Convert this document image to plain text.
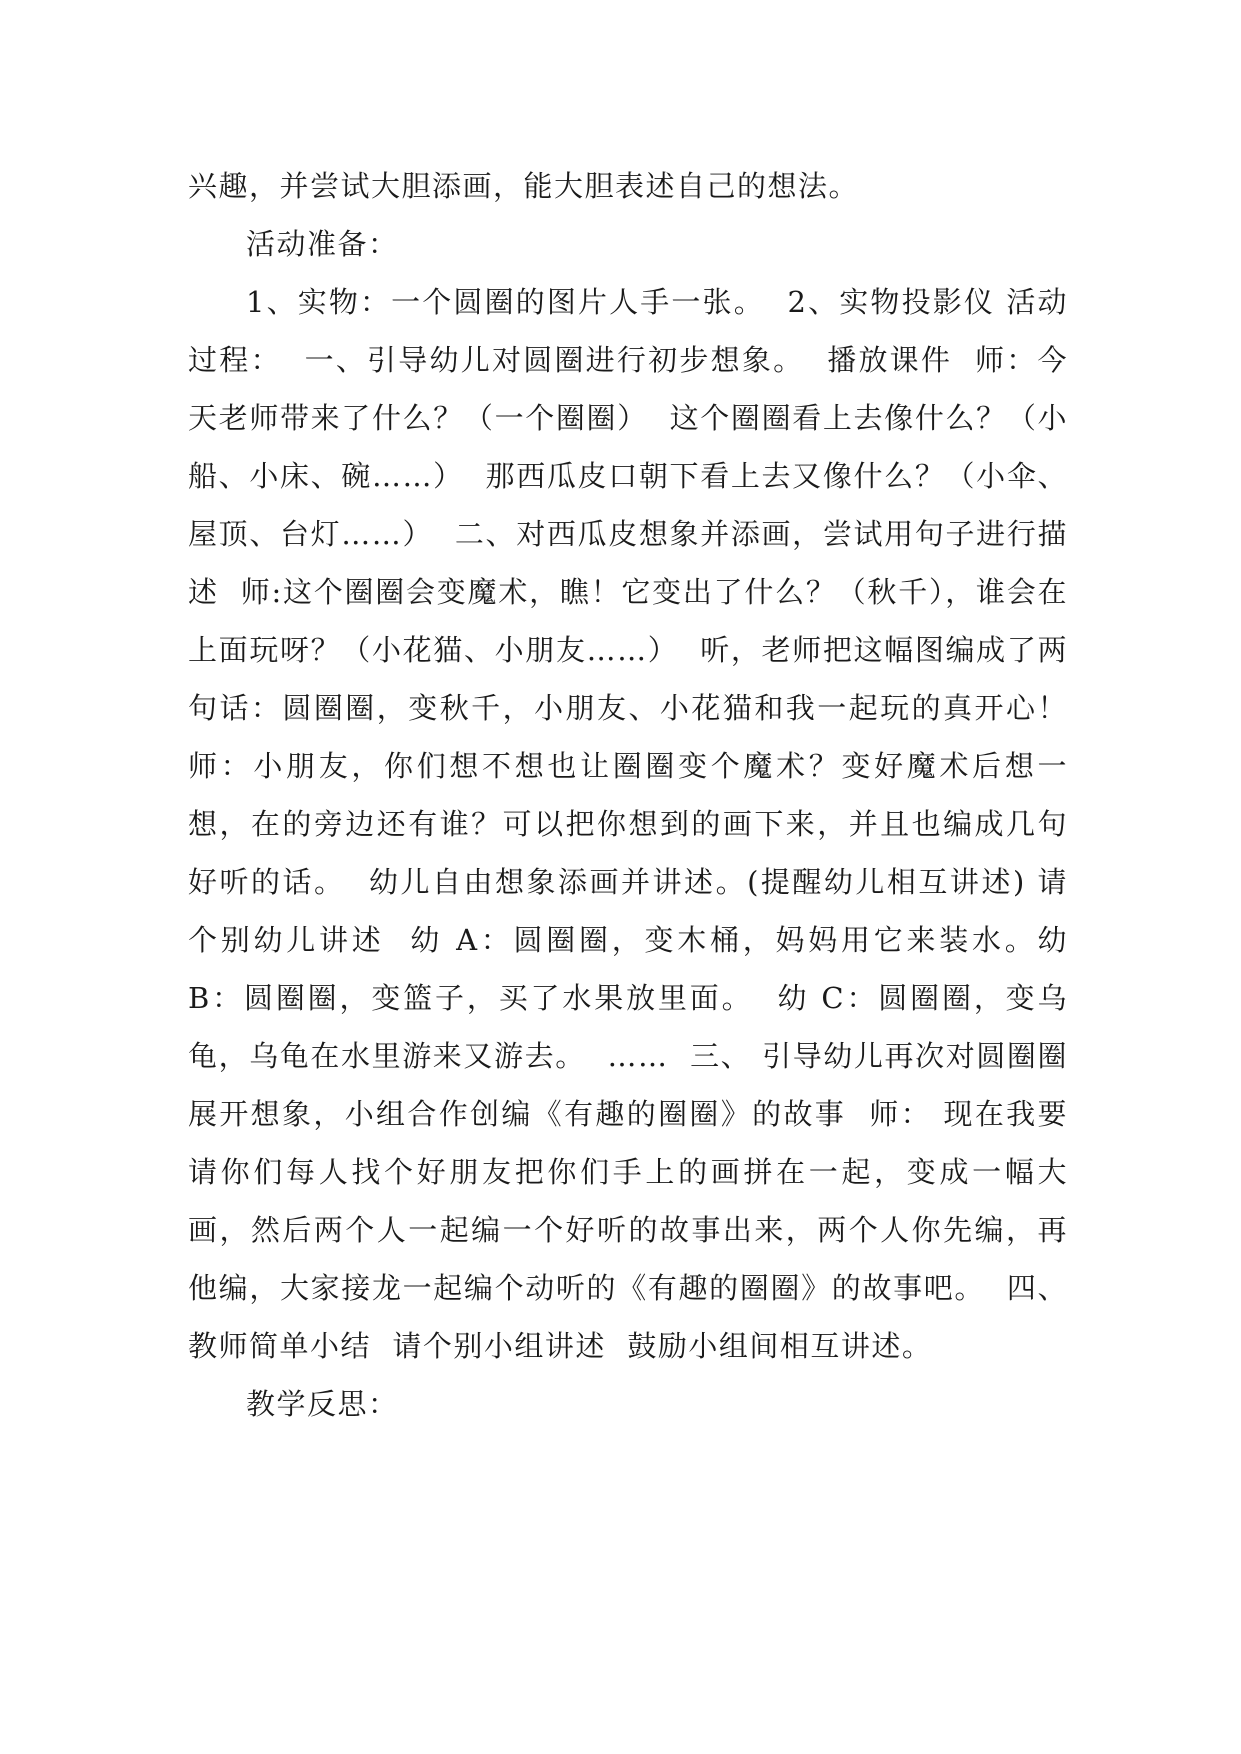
兴趣，并尝试大胆添画，能大胆表述自己的想法。

活动准备：

1、实物：一个圆圈的图片人手一张。  2、实物投影仪 活动过程：  一、引导幼儿对圆圈进行初步想象。  播放课件  师：今天老师带来了什么？（一个圈圈）  这个圈圈看上去像什么？（小船、小床、碗……）  那西瓜皮口朝下看上去又像什么？（小伞、屋顶、台灯……）  二、对西瓜皮想象并添画，尝试用句子进行描述  师:这个圈圈会变魔术，瞧！它变出了什么？（秋千），谁会在上面玩呀？（小花猫、小朋友……）  听，老师把这幅图编成了两句话：圆圈圈，变秋千，小朋友、小花猫和我一起玩的真开心！  师：小朋友，你们想不想也让圈圈变个魔术？变好魔术后想一想，在的旁边还有谁？可以把你想到的画下来，并且也编成几句好听的话。  幼儿自由想象添画并讲述。(提醒幼儿相互讲述) 请个别幼儿讲述  幼 A：圆圈圈，变木桶，妈妈用它来装水。幼 B：圆圈圈，变篮子，买了水果放里面。  幼 C：圆圈圈，变乌龟，乌龟在水里游来又游去。  ……  三、 引导幼儿再次对圆圈圈展开想象，小组合作创编《有趣的圈圈》的故事  师： 现在我要请你们每人找个好朋友把你们手上的画拼在一起，变成一幅大画，然后两个人一起编一个好听的故事出来，两个人你先编，再他编，大家接龙一起编个动听的《有趣的圈圈》的故事吧。  四、 教师简单小结  请个别小组讲述  鼓励小组间相互讲述。

教学反思：
